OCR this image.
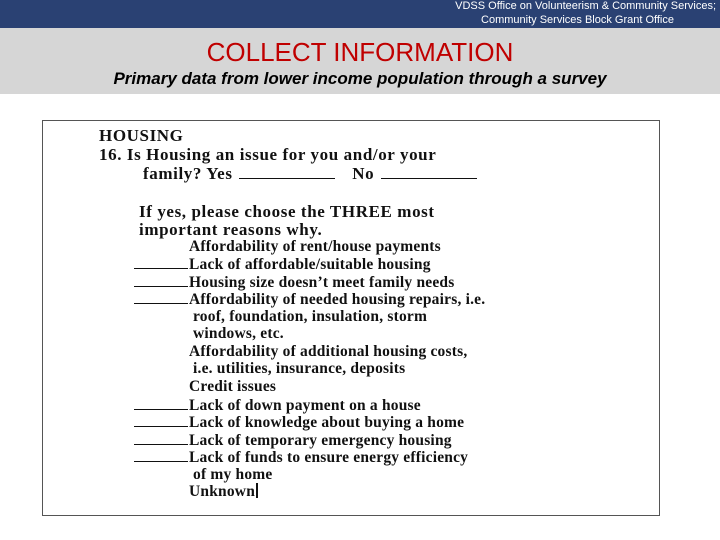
VDSS Office on Volunteerism & Community Services;
Community Services Block Grant Office
COLLECT INFORMATION
Primary data from lower income population through a survey
HOUSING
16. Is Housing an issue for you and/or your
family? Yes	No
If yes, please choose the THREE most
important reasons why.
Affordability of rent/house payments
Lack of affordable/suitable housing
Housing size doesn’t meet family needs
Affordability of needed housing repairs, i.e.
roof, foundation, insulation, storm
windows, etc.
Affordability of additional housing costs,
i.e. utilities, insurance, deposits
Credit issues
Lack of down payment on a house
Lack of knowledge about buying a home
Lack of temporary emergency housing
Lack of funds to ensure energy efficiency
of my home
Unknown
